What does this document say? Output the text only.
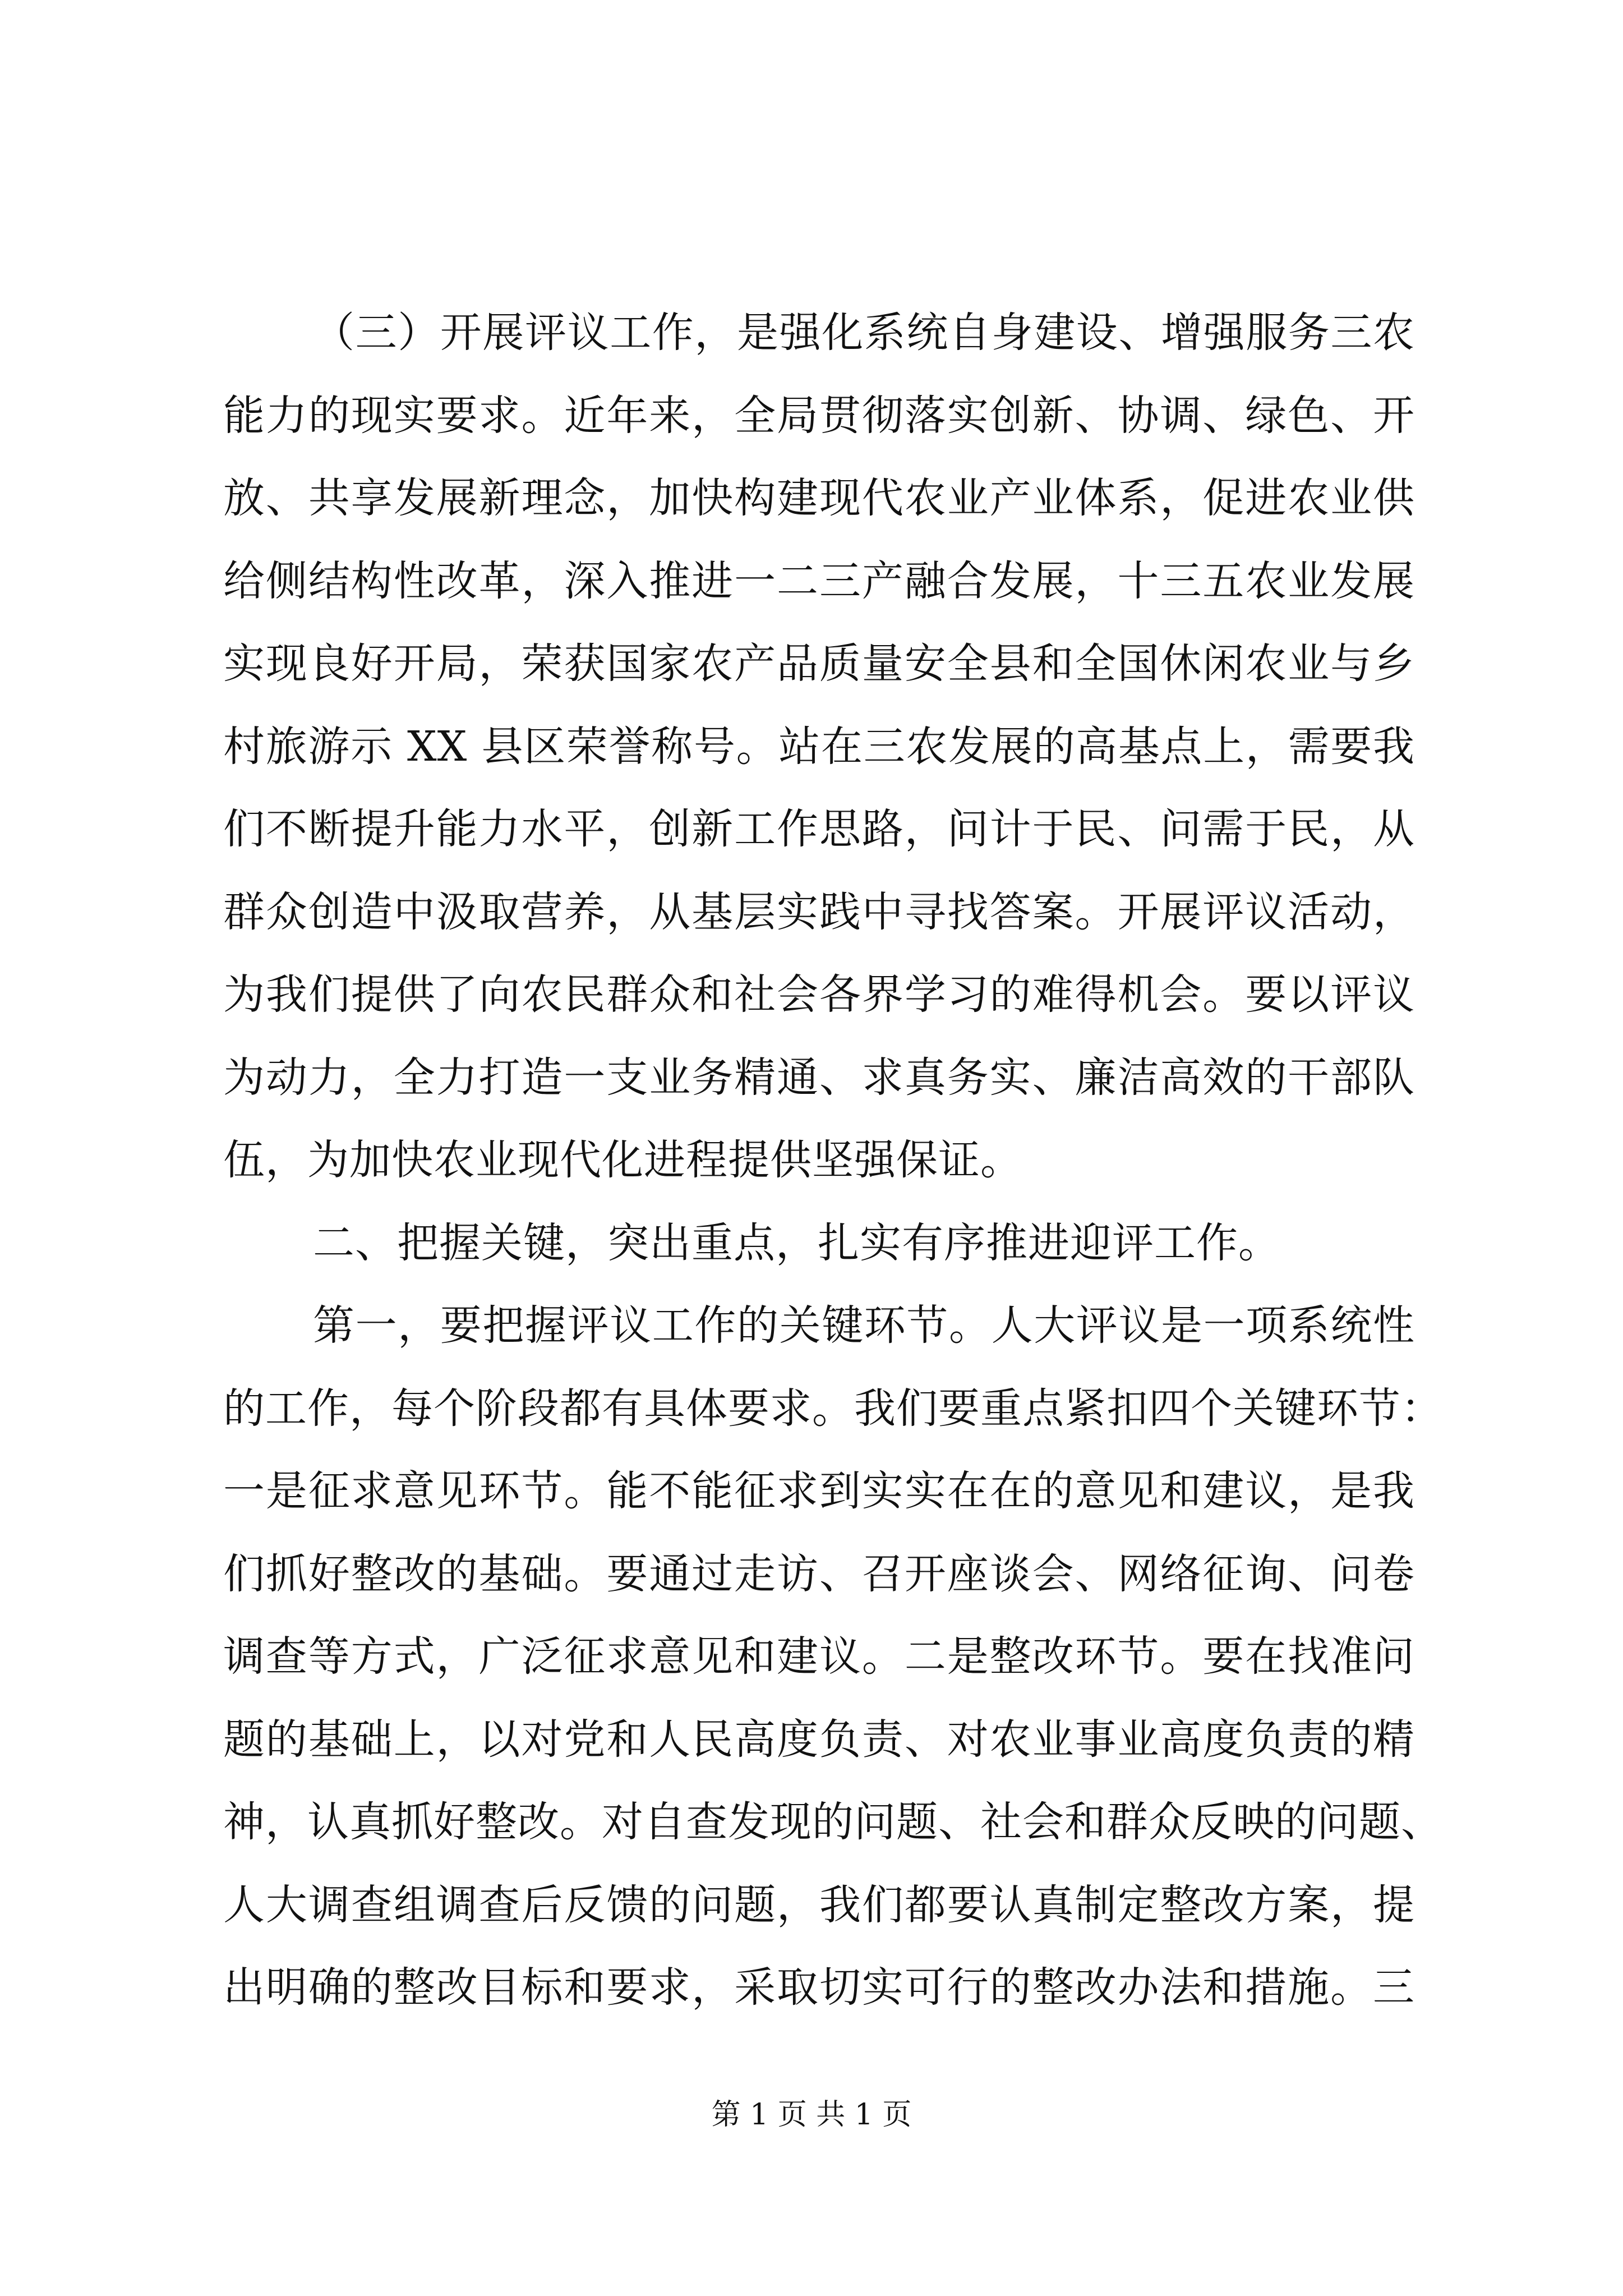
（三）开展评议工作，是强化系统自身建设、增强服务三农
能力的现实要求。近年来，全局贯彻落实创新、协调、绿色、开
放、共享发展新理念，加快构建现代农业产业体系，促进农业供
给侧结构性改革，深入推进一二三产融合发展，十三五农业发展
实现良好开局，荣获国家农产品质量安全县和全国休闲农业与乡
村旅游示 XX 县区荣誉称号。站在三农发展的高基点上，需要我
们不断提升能力水平，创新工作思路，问计于民、问需于民，从
群众创造中汲取营养，从基层实践中寻找答案。开展评议活动，
为我们提供了向农民群众和社会各界学习的难得机会。要以评议
为动力，全力打造一支业务精通、求真务实、廉洁高效的干部队
伍，为加快农业现代化进程提供坚强保证。
二、把握关键，突出重点，扎实有序推进迎评工作。
第一，要把握评议工作的关键环节。人大评议是一项系统性
的工作，每个阶段都有具体要求。我们要重点紧扣四个关键环节：
一是征求意见环节。能不能征求到实实在在的意见和建议，是我
们抓好整改的基础。要通过走访、召开座谈会、网络征询、问卷
调查等方式，广泛征求意见和建议。二是整改环节。要在找准问
题的基础上，以对党和人民高度负责、对农业事业高度负责的精
神，认真抓好整改。对自查发现的问题、社会和群众反映的问题、
人大调查组调查后反馈的问题，我们都要认真制定整改方案，提
出明确的整改目标和要求，采取切实可行的整改办法和措施。三
第 1 页 共 1 页
